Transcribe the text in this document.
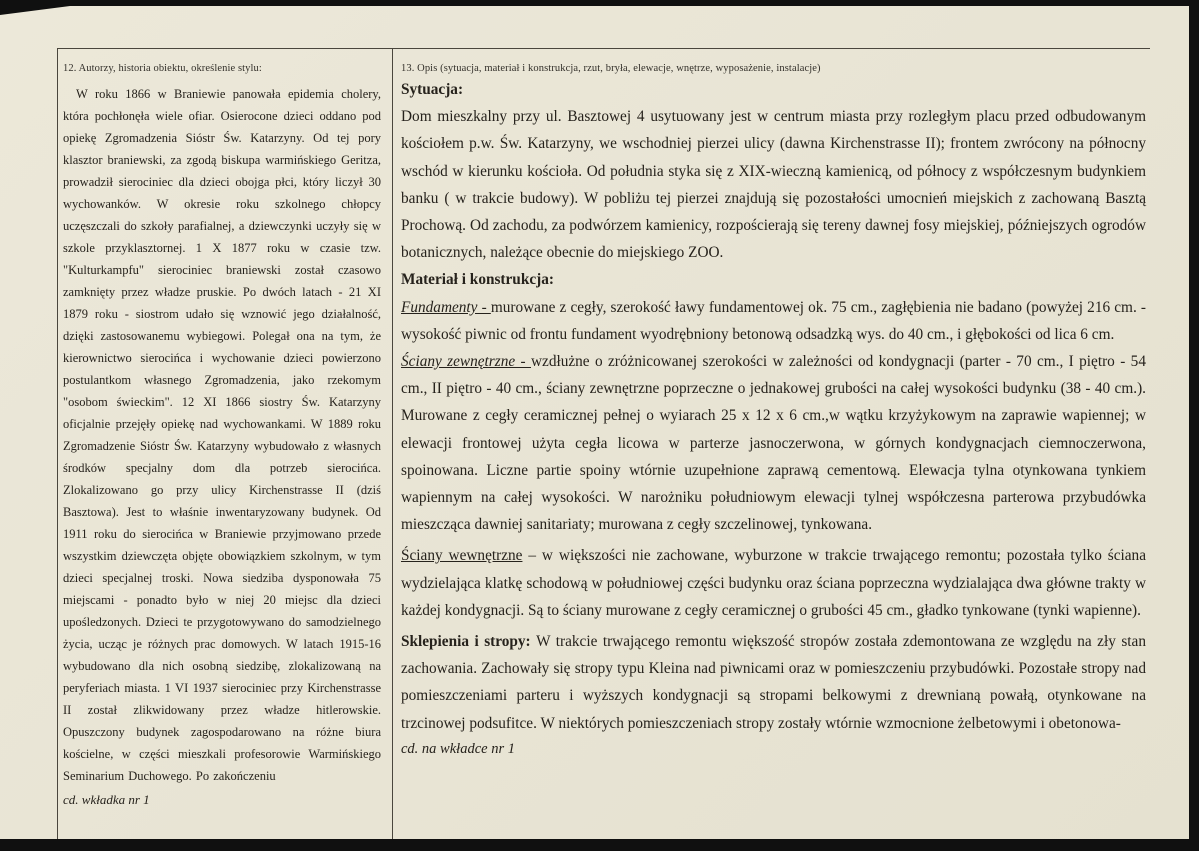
12. Autorzy, historia obiektu, określenie stylu:
W roku 1866 w Braniewie panowała epidemia cholery, która pochłonęła wiele ofiar. Osierocone dzieci oddano pod opiekę Zgromadzenia Sióstr Św. Katarzyny. Od tej pory klasztor braniewski, za zgodą biskupa warmińskiego Geritza, prowadził sierociniec dla dzieci obojga płci, który liczył 30 wychowanków. W okresie roku szkolnego chłopcy uczęszczali do szkoły parafialnej, a dziewczynki uczyły się w szkole przyklasztornej. 1 X 1877 roku w czasie tzw. "Kulturkampfu" sierociniec braniewski został czasowo zamknięty przez władze pruskie. Po dwóch latach - 21 XI 1879 roku - siostrom udało się wznowić jego działalność, dzięki zastosowanemu wybiegowi. Polegał ona na tym, że kierownictwo sierocińca i wychowanie dzieci powierzono postulantkom własnego Zgromadzenia, jako rzekomym "osobom świeckim". 12 XI 1866 siostry Św. Katarzyny oficjalnie przejęły opiekę nad wychowankami. W 1889 roku Zgromadzenie Sióstr Św. Katarzyny wybudowało z własnych środków specjalny dom dla potrzeb sierocińca. Zlokalizowano go przy ulicy Kirchenstrasse II (dziś Basztowa). Jest to właśnie inwentaryzowany budynek. Od 1911 roku do sierocińca w Braniewie przyjmowano przede wszystkim dziewczęta objęte obowiązkiem szkolnym, w tym dzieci specjalnej troski. Nowa siedziba dysponowała 75 miejscami - ponadto było w niej 20 miejsc dla dzieci upośledzonych. Dzieci te przygotowywano do samodzielnego życia, ucząc je różnych prac domowych. W latach 1915-16 wybudowano dla nich osobną siedzibę, zlokalizowaną na peryferiach miasta. 1 VI 1937 sierociniec przy Kirchenstrasse II został zlikwidowany przez władze hitlerowskie. Opuszczony budynek zagospodarowano na różne biura kościelne, w części mieszkali profesorowie Warmińskiego Seminarium Duchowego. Po zakończeniu
cd. wkładka nr 1
13. Opis (sytuacja, materiał i konstrukcja, rzut, bryła, elewacje, wnętrze, wyposażenie, instalacje)

Sytuacja:

Dom mieszkalny przy ul. Basztowej 4 usytuowany jest w centrum miasta przy rozległym placu przed odbudowanym kościołem p.w. Św. Katarzyny, we wschodniej pierzei ulicy (dawna Kirchenstrasse II); frontem zwrócony na północny wschód w kierunku kościoła. Od południa styka się z XIX-wieczną kamienicą, od północy z współczesnym budynkiem banku ( w trakcie budowy). W pobliżu tej pierzei znajdują się pozostałości umocnień miejskich z zachowaną Basztą Prochową. Od zachodu, za podwórzem kamienicy, rozpościerają się tereny dawnej fosy miejskiej, późniejszych ogrodów botanicznych, należące obecnie do miejskiego ZOO.

Materiał i konstrukcja:

Fundamenty - murowane z cegły, szerokość ławy fundamentowej ok. 75 cm., zagłębienia nie badano (powyżej 216 cm. - wysokość piwnic od frontu fundament wyodrębniony betonową odsadzką wys. do 40 cm., i głębokości od lica 6 cm.

Ściany zewnętrzne - wzdłużne o zróżnicowanej szerokości w zależności od kondygnacji (parter - 70 cm., I piętro - 54 cm., II piętro - 40 cm., ściany zewnętrzne poprzeczne o jednakowej grubości na całej wysokości budynku (38 - 40 cm.). Murowane z cegły ceramicznej pełnej o wyiarach 25 x 12 x 6 cm.,w wątku krzyżykowym na zaprawie wapiennej; w elewacji frontowej użyta cegła licowa w parterze jasnoczerwona, w górnych kondygnacjach ciemnoczerwona, spoinowana. Liczne partie spoiny wtórnie uzupełnione zaprawą cementową. Elewacja tylna otynkowana tynkiem wapiennym na całej wysokości. W narożniku południowym elewacji tylnej współczesna parterowa przybudówka mieszcząca dawniej sanitariaty; murowana z cegły szczelinowej, tynkowana.

Ściany wewnętrzne – w większości nie zachowane, wyburzone w trakcie trwającego remontu; pozostała tylko ściana wydzielająca klatkę schodową w południowej części budynku oraz ściana poprzeczna wydzialająca dwa główne trakty w każdej kondygnacji. Są to ściany murowane z cegły ceramicznej o grubości 45 cm., gładko tynkowane (tynki wapienne).

Sklepienia i stropy: W trakcie trwającego remontu większość stropów została zdemontowana ze względu na zły stan zachowania. Zachowały się stropy typu Kleina nad piwnicami oraz w pomieszczeniu przybudówki. Pozostałe stropy nad pomieszczeniami parteru i wyższych kondygnacji są stropami belkowymi z drewnianą powałą, otynkowane na trzcinowej podsufitce. W niektórych pomieszczeniach stropy zostały wtórnie wzmocnione żelbetowymi i obetonowa-

cd. na wkładce nr 1
